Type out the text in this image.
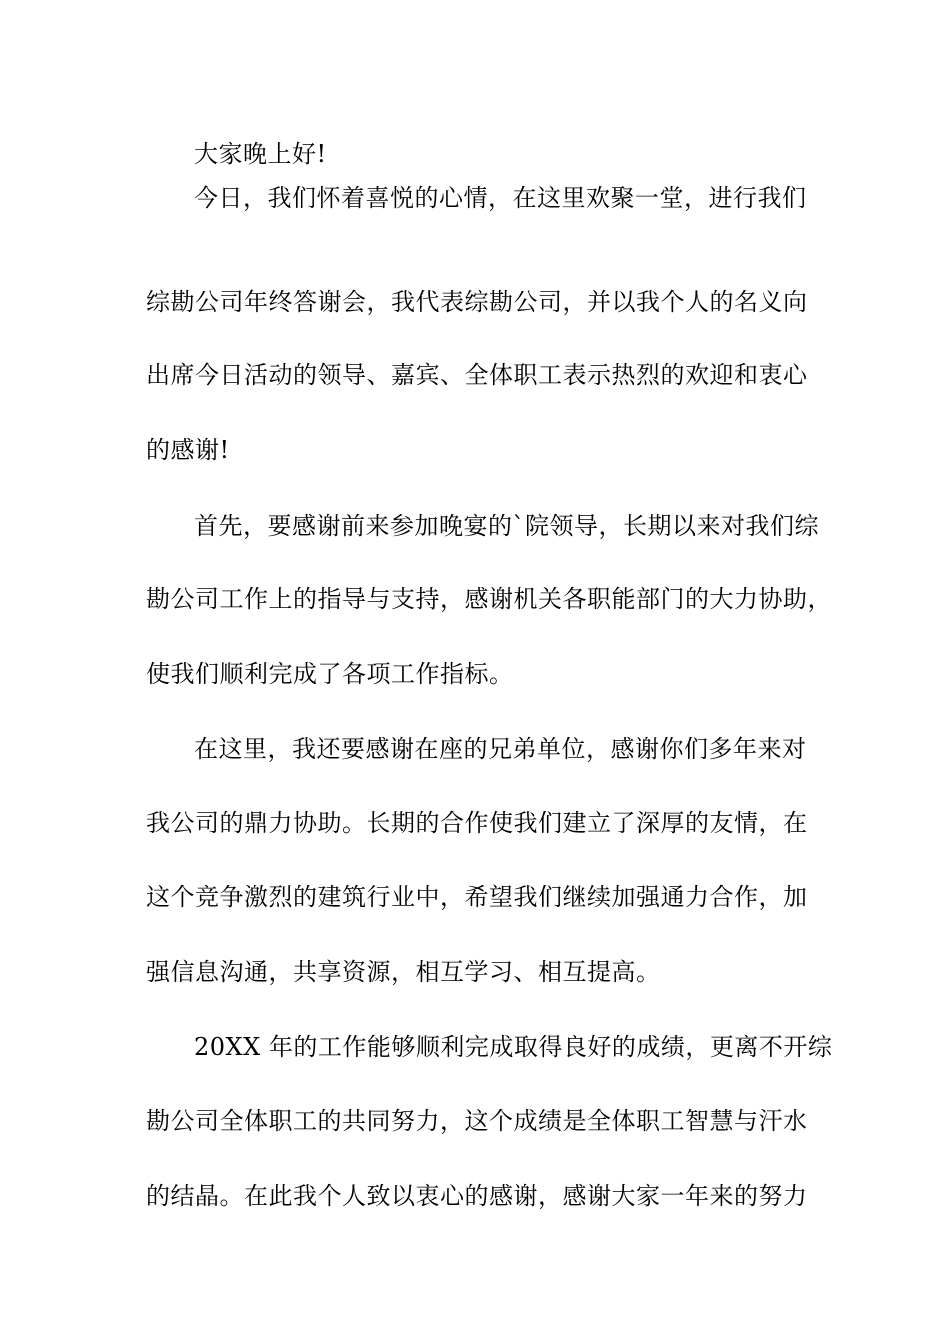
大家晚上好!
今日，我们怀着喜悦的心情，在这里欢聚一堂，进行我们
综勘公司年终答谢会，我代表综勘公司，并以我个人的名义向
出席今日活动的领导、嘉宾、全体职工表示热烈的欢迎和衷心
的感谢!
首先，要感谢前来参加晚宴的`院领导，长期以来对我们综
勘公司工作上的指导与支持，感谢机关各职能部门的大力协助，
使我们顺利完成了各项工作指标。
在这里，我还要感谢在座的兄弟单位，感谢你们多年来对
我公司的鼎力协助。长期的合作使我们建立了深厚的友情，在
这个竞争激烈的建筑行业中，希望我们继续加强通力合作，加
强信息沟通，共享资源，相互学习、相互提高。
20XX 年的工作能够顺利完成取得良好的成绩，更离不开综
勘公司全体职工的共同努力，这个成绩是全体职工智慧与汗水
的结晶。在此我个人致以衷心的感谢，感谢大家一年来的努力
